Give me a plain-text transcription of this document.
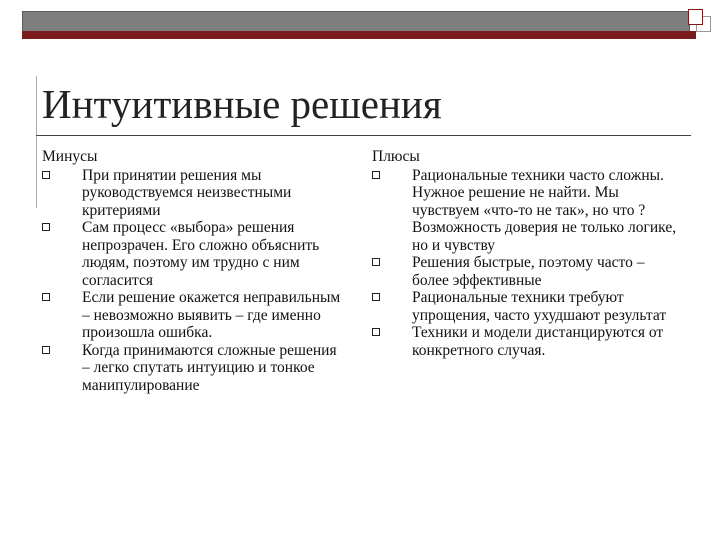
Интуитивные решения
Минусы
При принятии решения мы руководствуемся неизвестными критериями
Сам процесс «выбора» решения непрозрачен. Его сложно объяснить людям, поэтому им трудно с ним согласится
Если решение окажется неправильным – невозможно выявить – где именно произошла ошибка.
Когда принимаются сложные решения – легко спутать интуицию и тонкое манипулирование
Плюсы
Рациональные техники часто сложны. Нужное решение не найти. Мы чувствуем «что-то не так», но что ? Возможность доверия не только логике, но и чувству
Решения быстрые, поэтому часто – более эффективные
Рациональные техники требуют упрощения, часто ухудшают результат
Техники и модели дистанцируются от конкретного случая.
